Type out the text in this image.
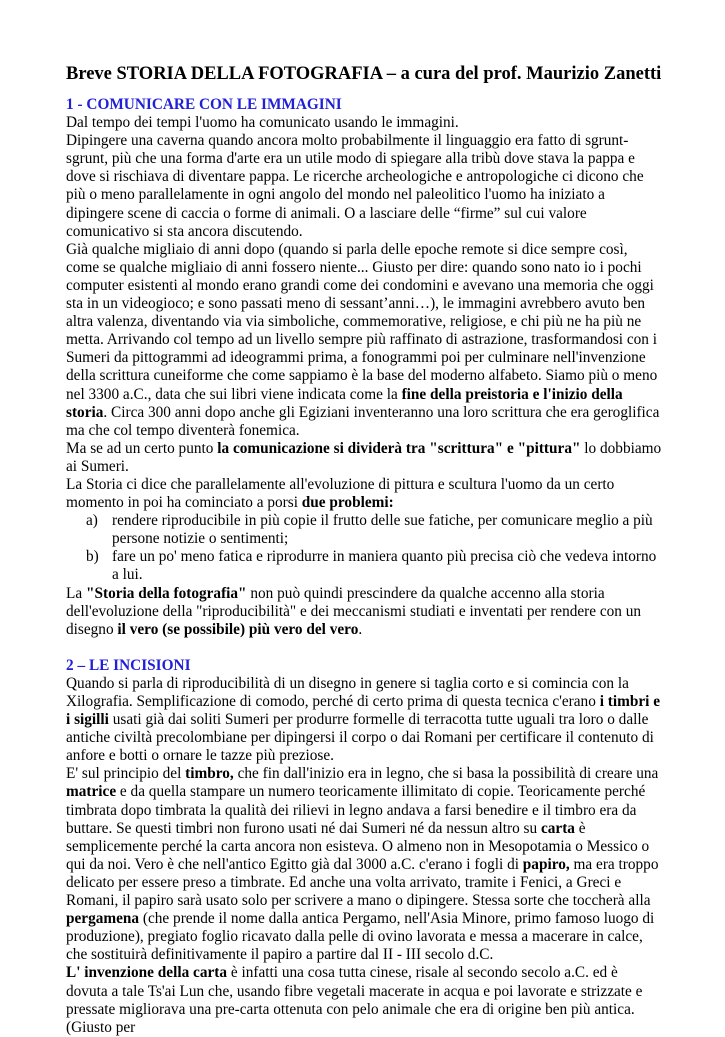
Breve STORIA DELLA FOTOGRAFIA – a cura del prof. Maurizio Zanetti
1 - COMUNICARE CON LE IMMAGINI

Dal tempo dei tempi l'uomo ha comunicato usando le immagini.

Dipingere una caverna quando ancora molto probabilmente il linguaggio era fatto di sgrunt-sgrunt, più che una forma d'arte era un utile modo di spiegare alla tribù dove stava la pappa e dove si rischiava di diventare pappa. Le ricerche archeologiche e antropologiche ci dicono che più o meno parallelamente in ogni angolo del mondo nel paleolitico l'uomo ha iniziato a dipingere scene di caccia o forme di animali. O a lasciare delle “firme” sul cui valore comunicativo si sta ancora discutendo.

Già qualche migliaio di anni dopo (quando si parla delle epoche remote si dice sempre così, come se qualche migliaio di anni fossero niente... Giusto per dire: quando sono nato io i pochi computer esistenti al mondo erano grandi come dei condomini e avevano una memoria che oggi sta in un videogioco; e sono passati meno di sessant’anni…), le immagini avrebbero avuto ben altra valenza, diventando via via simboliche, commemorative, religiose, e chi più ne ha più ne metta. Arrivando col tempo ad un livello sempre più raffinato di astrazione, trasformandosi con i Sumeri da pittogrammi ad ideogrammi prima, a fonogrammi poi per culminare nell'invenzione della scrittura cuneiforme che come sappiamo è la base del moderno alfabeto. Siamo più o meno nel 3300 a.C., data che sui libri viene indicata come la fine della preistoria e l'inizio della storia. Circa 300 anni dopo anche gli Egiziani inventeranno una loro scrittura che era geroglifica ma che col tempo diventerà fonemica.

Ma se ad un certo punto la comunicazione si dividerà tra "scrittura" e "pittura" lo dobbiamo ai Sumeri.

La Storia ci dice che parallelamente all'evoluzione di pittura e scultura l'uomo da un certo momento in poi ha cominciato a porsi due problemi:

a) rendere riproducibile in più copie il frutto delle sue fatiche, per comunicare meglio a più persone notizie o sentimenti;
b) fare un po' meno fatica e riprodurre in maniera quanto più precisa ciò che vedeva intorno a lui.

La "Storia della fotografia" non può quindi prescindere da qualche accenno alla storia dell'evoluzione della "riproducibilità" e dei meccanismi studiati e inventati per rendere con un disegno il vero (se possibile) più vero del vero.

2 – LE INCISIONI

Quando si parla di riproducibilità di un disegno in genere si taglia corto e si comincia con la Xilografia. Semplificazione di comodo, perché di certo prima di questa tecnica c'erano i timbri e i sigilli usati già dai soliti Sumeri per produrre formelle di terracotta tutte uguali tra loro o dalle antiche civiltà precolombiane per dipingersi il corpo o dai Romani per certificare il contenuto di anfore e botti o ornare le tazze più preziose.

E' sul principio del timbro, che fin dall'inizio era in legno, che si basa la possibilità di creare una matrice e da quella stampare un numero teoricamente illimitato di copie. Teoricamente perché timbrata dopo timbrata la qualità dei rilievi in legno andava a farsi benedire e il timbro era da buttare. Se questi timbri non furono usati né dai Sumeri né da nessun altro su carta è semplicemente perché la carta ancora non esisteva. O almeno non in Mesopotamia o Messico o qui da noi. Vero è che nell'antico Egitto già dal 3000 a.C. c'erano i fogli di papiro, ma era troppo delicato per essere preso a timbrate. Ed anche una volta arrivato, tramite i Fenici, a Greci e Romani, il papiro sarà usato solo per scrivere a mano o dipingere. Stessa sorte che toccherà alla pergamena (che prende il nome dalla antica Pergamo, nell'Asia Minore, primo famoso luogo di produzione), pregiato foglio ricavato dalla pelle di ovino lavorata e messa a macerare in calce, che sostituirà definitivamente il papiro a partire dal II - III secolo d.C.

L' invenzione della carta è infatti una cosa tutta cinese, risale al secondo secolo a.C. ed è dovuta a tale Ts'ai Lun che, usando fibre vegetali macerate in acqua e poi lavorate e strizzate e pressate migliorava una pre-carta ottenuta con pelo animale che era di origine ben più antica. (Giusto per
